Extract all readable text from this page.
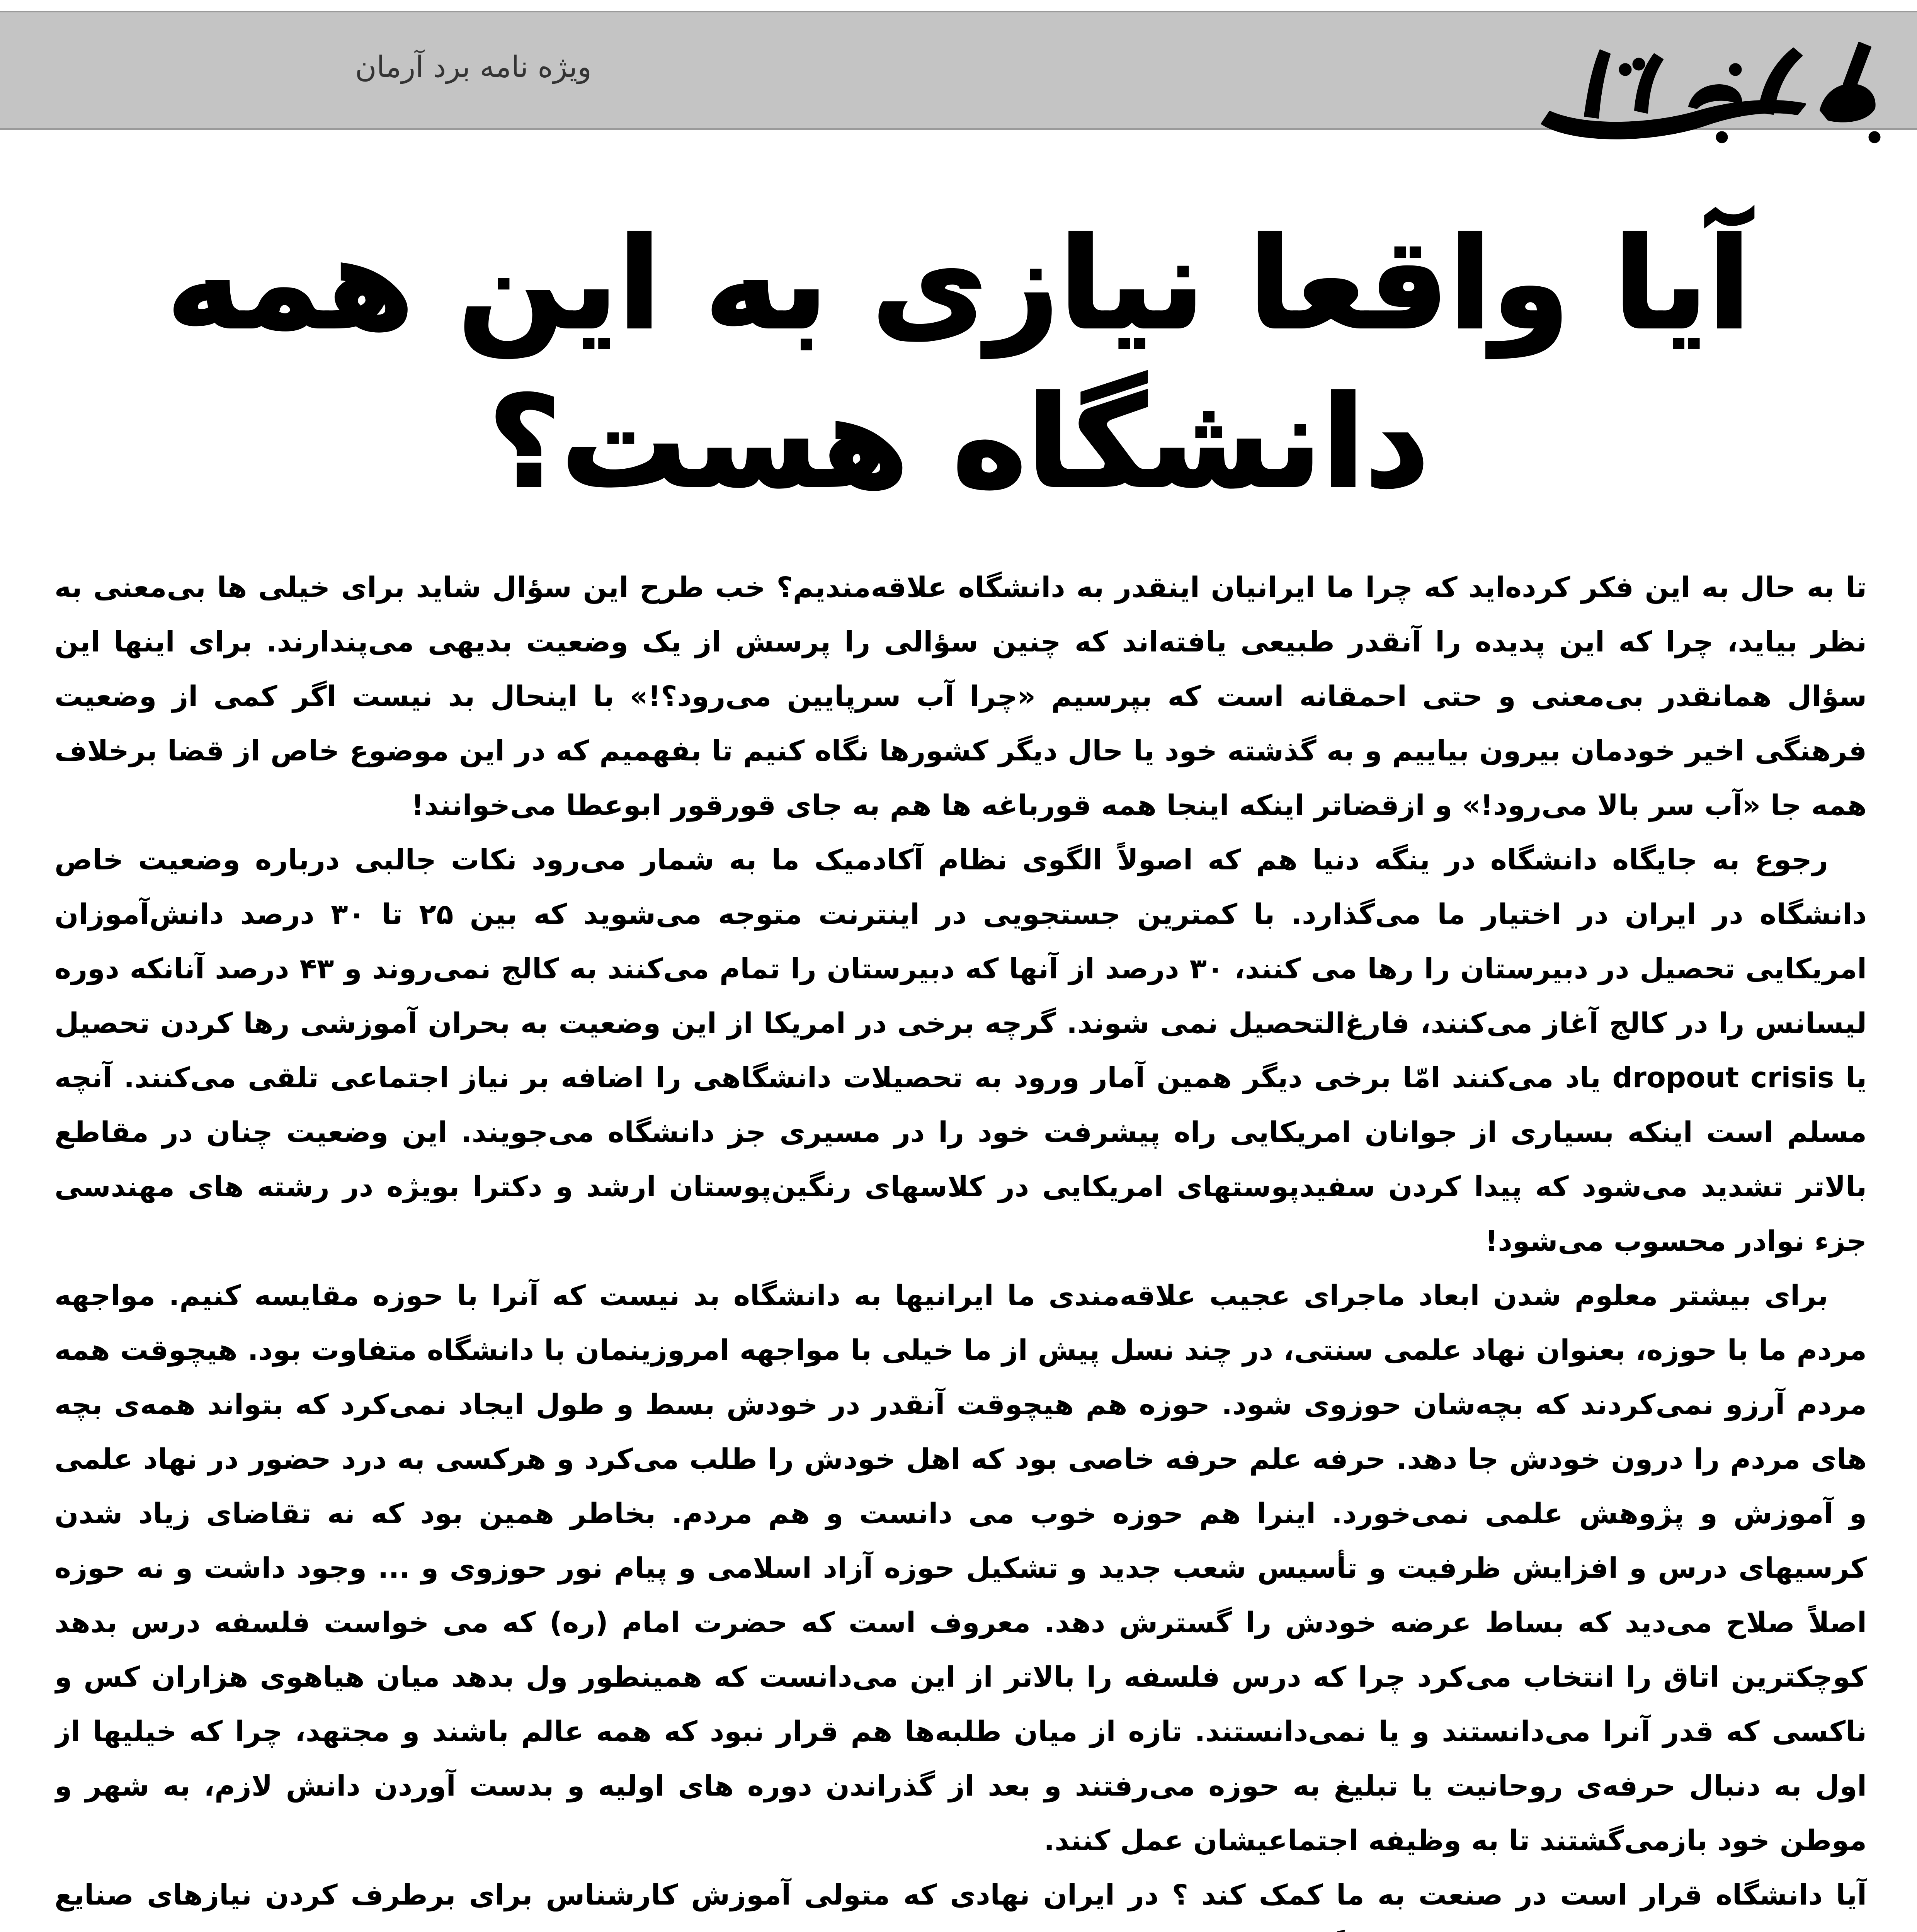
ویژه نامه برد آرمان
آیا واقعا نیازی به این همه دانشگاه هست؟

تا به حال به این فکر کرده‌اید که چرا ما ایرانیان اینقدر به دانشگاه علاقه‌مندیم؟ خب طرح این سؤال شاید برای خیلی ها بی‌معنی به نظر بیاید، چرا که این پدیده را آنقدر طبیعی یافته‌اند که چنین سؤالی را پرسش از یک وضعیت بدیهی می‌پندارند. برای اینها این سؤال همانقدر بی‌معنی و حتی احمقانه است که بپرسیم «چرا آب سرپایین می‌رود؟!» با اینحال بد نیست اگر کمی از وضعیت فرهنگی اخیر خودمان بیرون بیاییم و به گذشته خود یا حال دیگر کشورها نگاه کنیم تا بفهمیم که در این موضوع خاص از قضا برخلاف همه جا «آب سر بالا می‌رود!» و ازقضاتر اینکه اینجا همه قورباغه ها هم به جای قورقور ابوعطا می‌خوانند!

رجوع به جایگاه دانشگاه در ینگه دنیا هم که اصولاً الگوی نظام آکادمیک ما به شمار می‌رود نکات جالبی درباره وضعیت خاص دانشگاه در ایران در اختیار ما می‌گذارد. با کمترین جستجویی در اینترنت متوجه می‌شوید که بین ۲۵ تا ۳۰ درصد دانش‌آموزان امریکایی تحصیل در دبیرستان را رها می کنند، ۳۰ درصد از آنها که دبیرستان را تمام می‌کنند به کالج نمی‌روند و ۴۳ درصد آنانکه دوره لیسانس را در کالج آغاز می‌کنند، فارغ‌التحصیل نمی شوند. گرچه برخی در امریکا از این وضعیت به بحران آموزشی رها کردن تحصیل یا dropout crisis یاد می‌کنند امّا برخی دیگر همین آمار ورود به تحصیلات دانشگاهی را اضافه بر نیاز اجتماعی تلقی می‌کنند. آنچه مسلم است اینکه بسیاری از جوانان امریکایی راه پیشرفت خود را در مسیری جز دانشگاه می‌جویند. این وضعیت چنان در مقاطع بالاتر تشدید می‌شود که پیدا کردن سفیدپوستهای امریکایی در کلاسهای رنگین‌پوستان ارشد و دکترا بویژه در رشته های مهندسی جزء نوادر محسوب می‌شود!

برای بیشتر معلوم شدن ابعاد ماجرای عجیب علاقه‌مندی ما ایرانیها به دانشگاه بد نیست که آنرا با حوزه مقایسه کنیم. مواجهه مردم ما با حوزه، بعنوان نهاد علمی سنتی، در چند نسل پیش از ما خیلی با مواجهه امروزینمان با دانشگاه متفاوت بود. هیچوقت همه مردم آرزو نمی‌کردند که بچه‌شان حوزوی شود. حوزه هم هیچوقت آنقدر در خودش بسط و طول ایجاد نمی‌کرد که بتواند همه‌ی بچه های مردم را درون خودش جا دهد. حرفه علم حرفه خاصی بود که اهل خودش را طلب می‌کرد و هرکسی به درد حضور در نهاد علمی و آموزش و پژوهش علمی نمی‌خورد. اینرا هم حوزه خوب می دانست و هم مردم. بخاطر همین بود که نه تقاضای زیاد شدن کرسیهای درس و افزایش ظرفیت و تأسیس شعب جدید و تشکیل حوزه آزاد اسلامی و پیام نور حوزوی و ... وجود داشت و نه حوزه اصلاً صلاح می‌دید که بساط عرضه خودش را گسترش دهد. معروف است که حضرت امام (ره) که می خواست فلسفه درس بدهد کوچکترین اتاق را انتخاب می‌کرد چرا که درس فلسفه را بالاتر از این می‌دانست که همینطور ول بدهد میان هیاهوی هزاران کس و ناکسی که قدر آنرا می‌دانستند و یا نمی‌دانستند. تازه از میان طلبه‌ها هم قرار نبود که همه عالم باشند و مجتهد، چرا که خیلیها از اول به دنبال حرفه‌ی روحانیت یا تبلیغ به حوزه می‌رفتند و بعد از گذراندن دوره های اولیه و بدست آوردن دانش لازم، به شهر و موطن خود بازمی‌گشتند تا به وظیفه اجتماعیشان عمل کنند.

آیا دانشگاه قرار است در صنعت به ما کمک کند ؟ در ایران نهادی که متولی آموزش کارشناس برای برطرف کردن نیازهای صنایع
